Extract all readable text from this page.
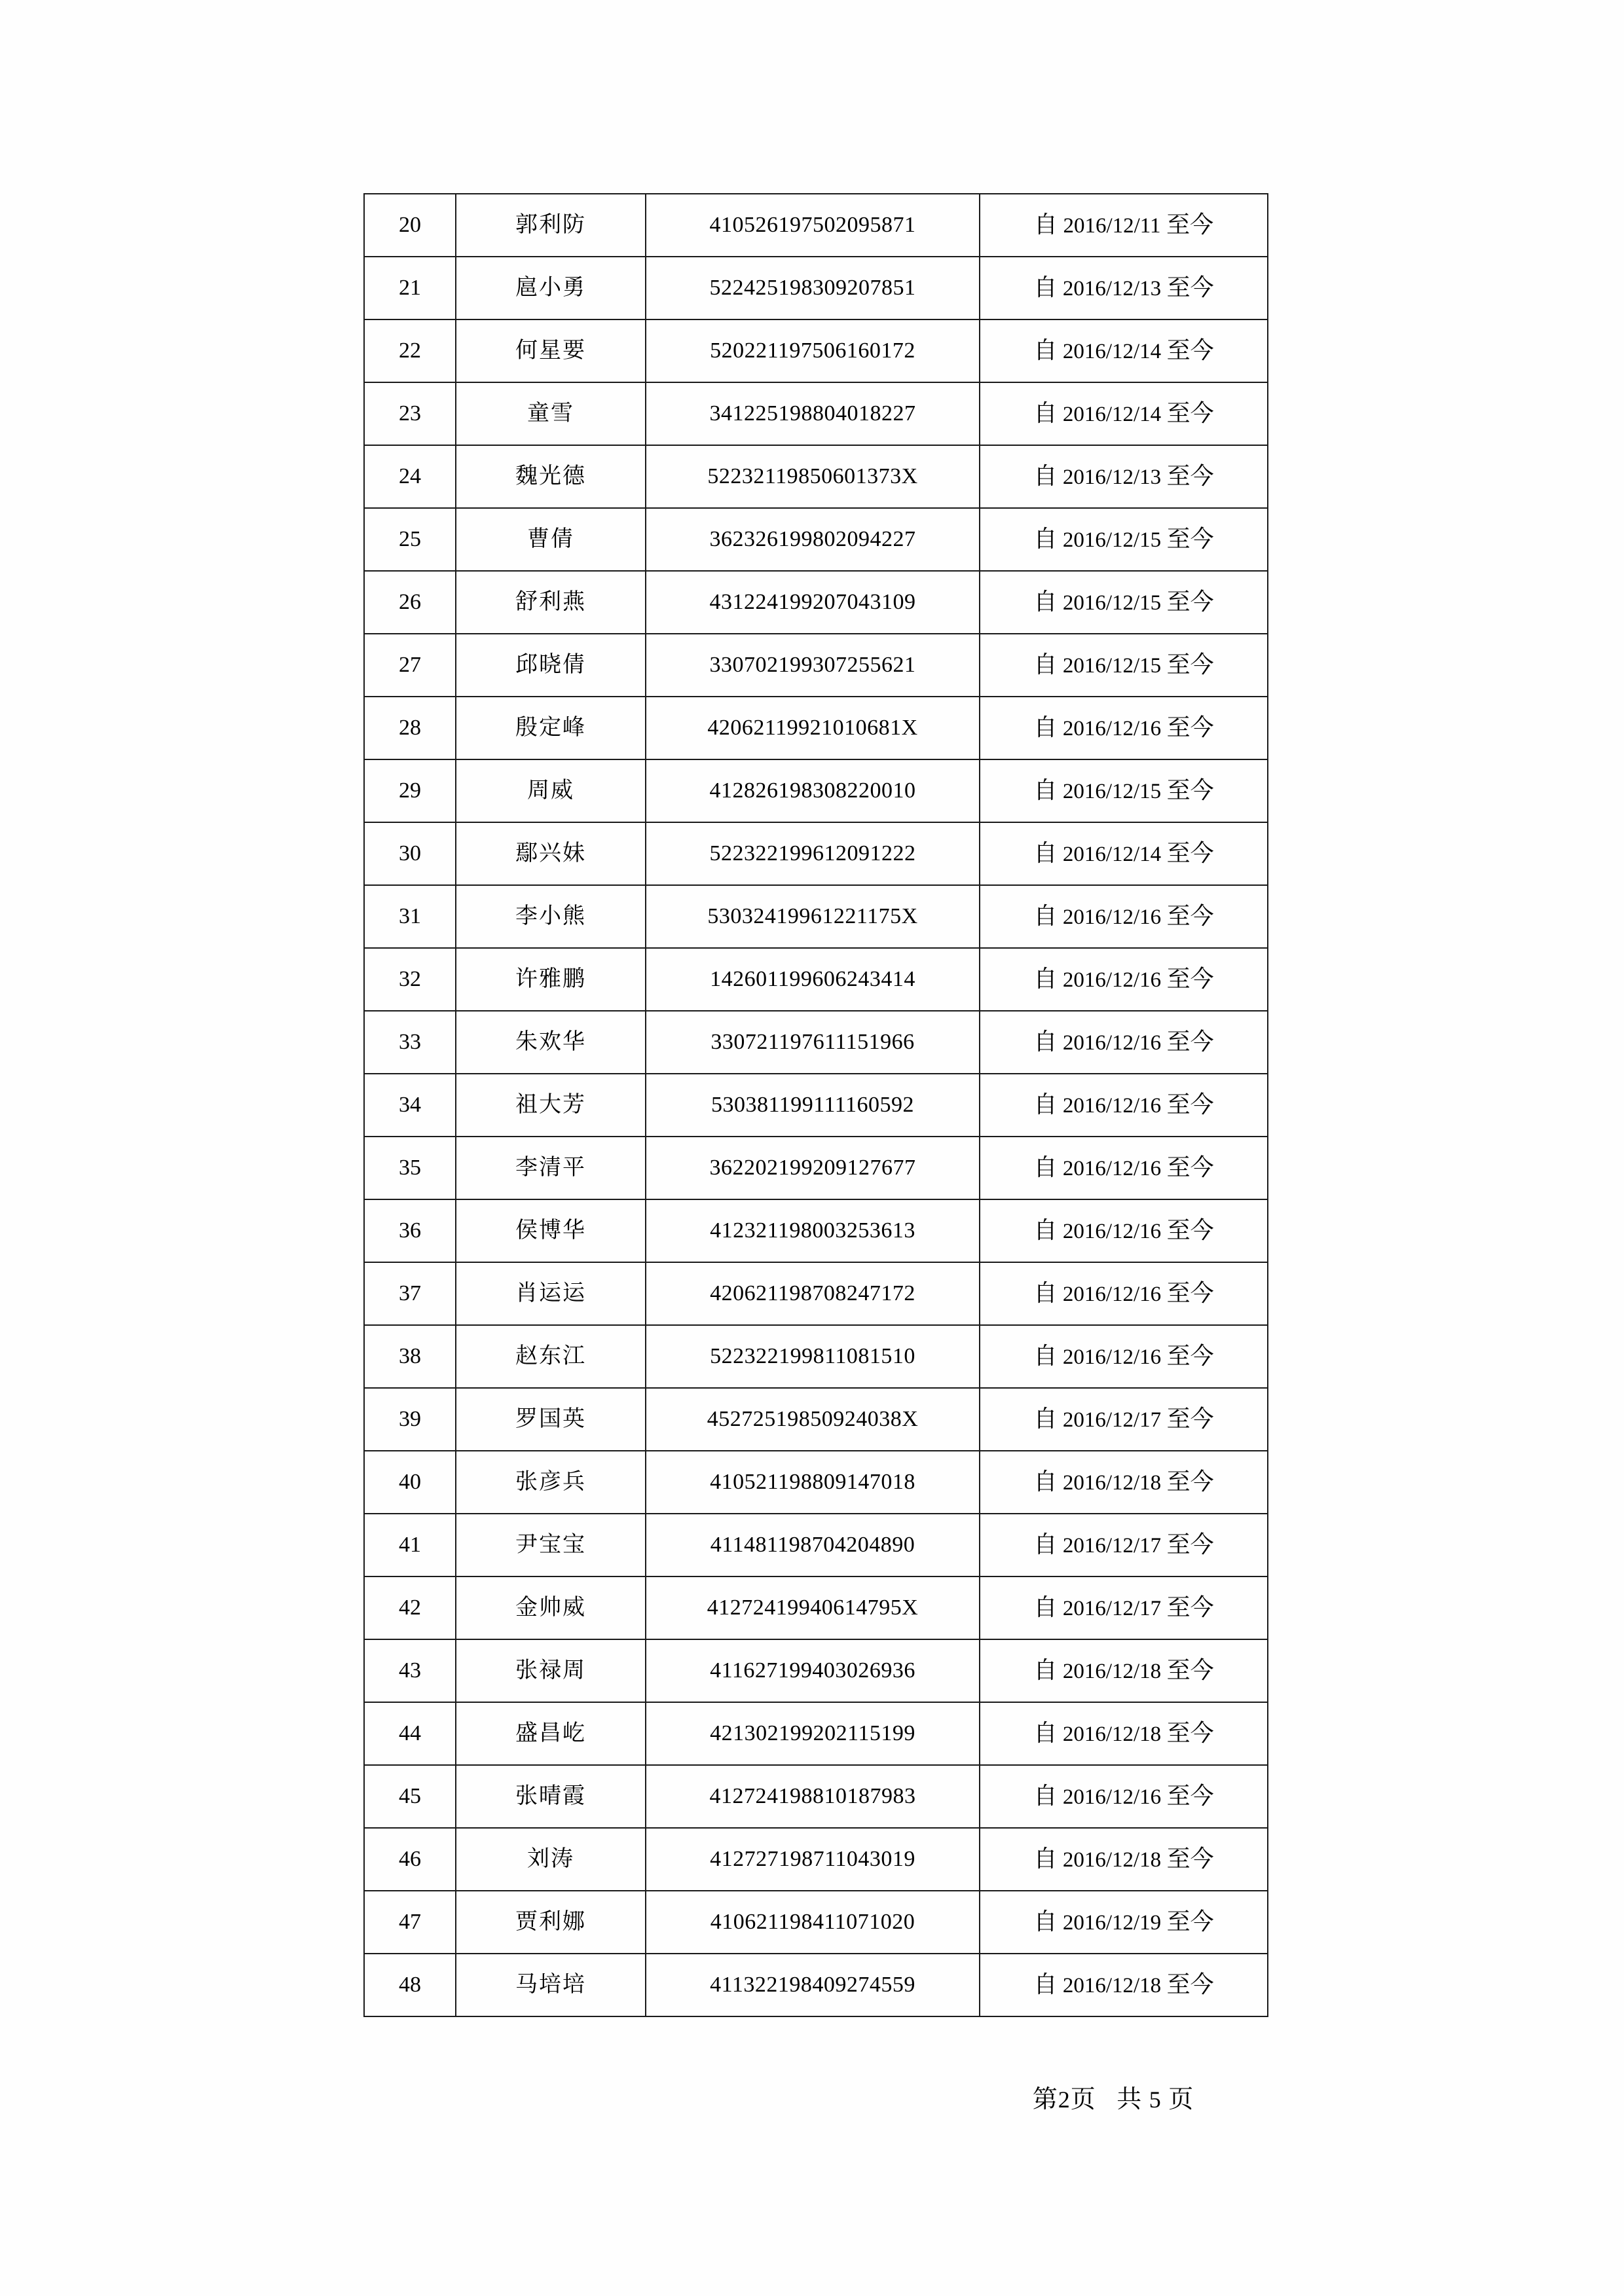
20	郭利防	410526197502095871	自 2016/12/11 至今
21	扈小勇	522425198309207851	自 2016/12/13 至今
22	何星要	520221197506160172	自 2016/12/14 至今
23	童雪	341225198804018227	自 2016/12/14 至今
24	魏光德	52232119850601373X	自 2016/12/13 至今
25	曹倩	362326199802094227	自 2016/12/15 至今
26	舒利燕	431224199207043109	自 2016/12/15 至今
27	邱晓倩	330702199307255621	自 2016/12/15 至今
28	殷定峰	42062119921010681X	自 2016/12/16 至今
29	周威	412826198308220010	自 2016/12/15 至今
30	鄢兴妹	522322199612091222	自 2016/12/14 至今
31	李小熊	53032419961221175X	自 2016/12/16 至今
32	许雅鹏	142601199606243414	自 2016/12/16 至今
33	朱欢华	330721197611151966	自 2016/12/16 至今
34	祖大芳	530381199111160592	自 2016/12/16 至今
35	李清平	362202199209127677	自 2016/12/16 至今
36	侯博华	412321198003253613	自 2016/12/16 至今
37	肖运运	420621198708247172	自 2016/12/16 至今
38	赵东江	522322199811081510	自 2016/12/16 至今
39	罗国英	45272519850924038X	自 2016/12/17 至今
40	张彦兵	410521198809147018	自 2016/12/18 至今
41	尹宝宝	411481198704204890	自 2016/12/17 至今
42	金帅威	41272419940614795X	自 2016/12/17 至今
43	张禄周	411627199403026936	自 2016/12/18 至今
44	盛昌屹	421302199202115199	自 2016/12/18 至今
45	张晴霞	412724198810187983	自 2016/12/16 至今
46	刘涛	412727198711043019	自 2016/12/18 至今
47	贾利娜	410621198411071020	自 2016/12/19 至今
48	马培培	411322198409274559	自 2016/12/18 至今
第2页 共 5 页
